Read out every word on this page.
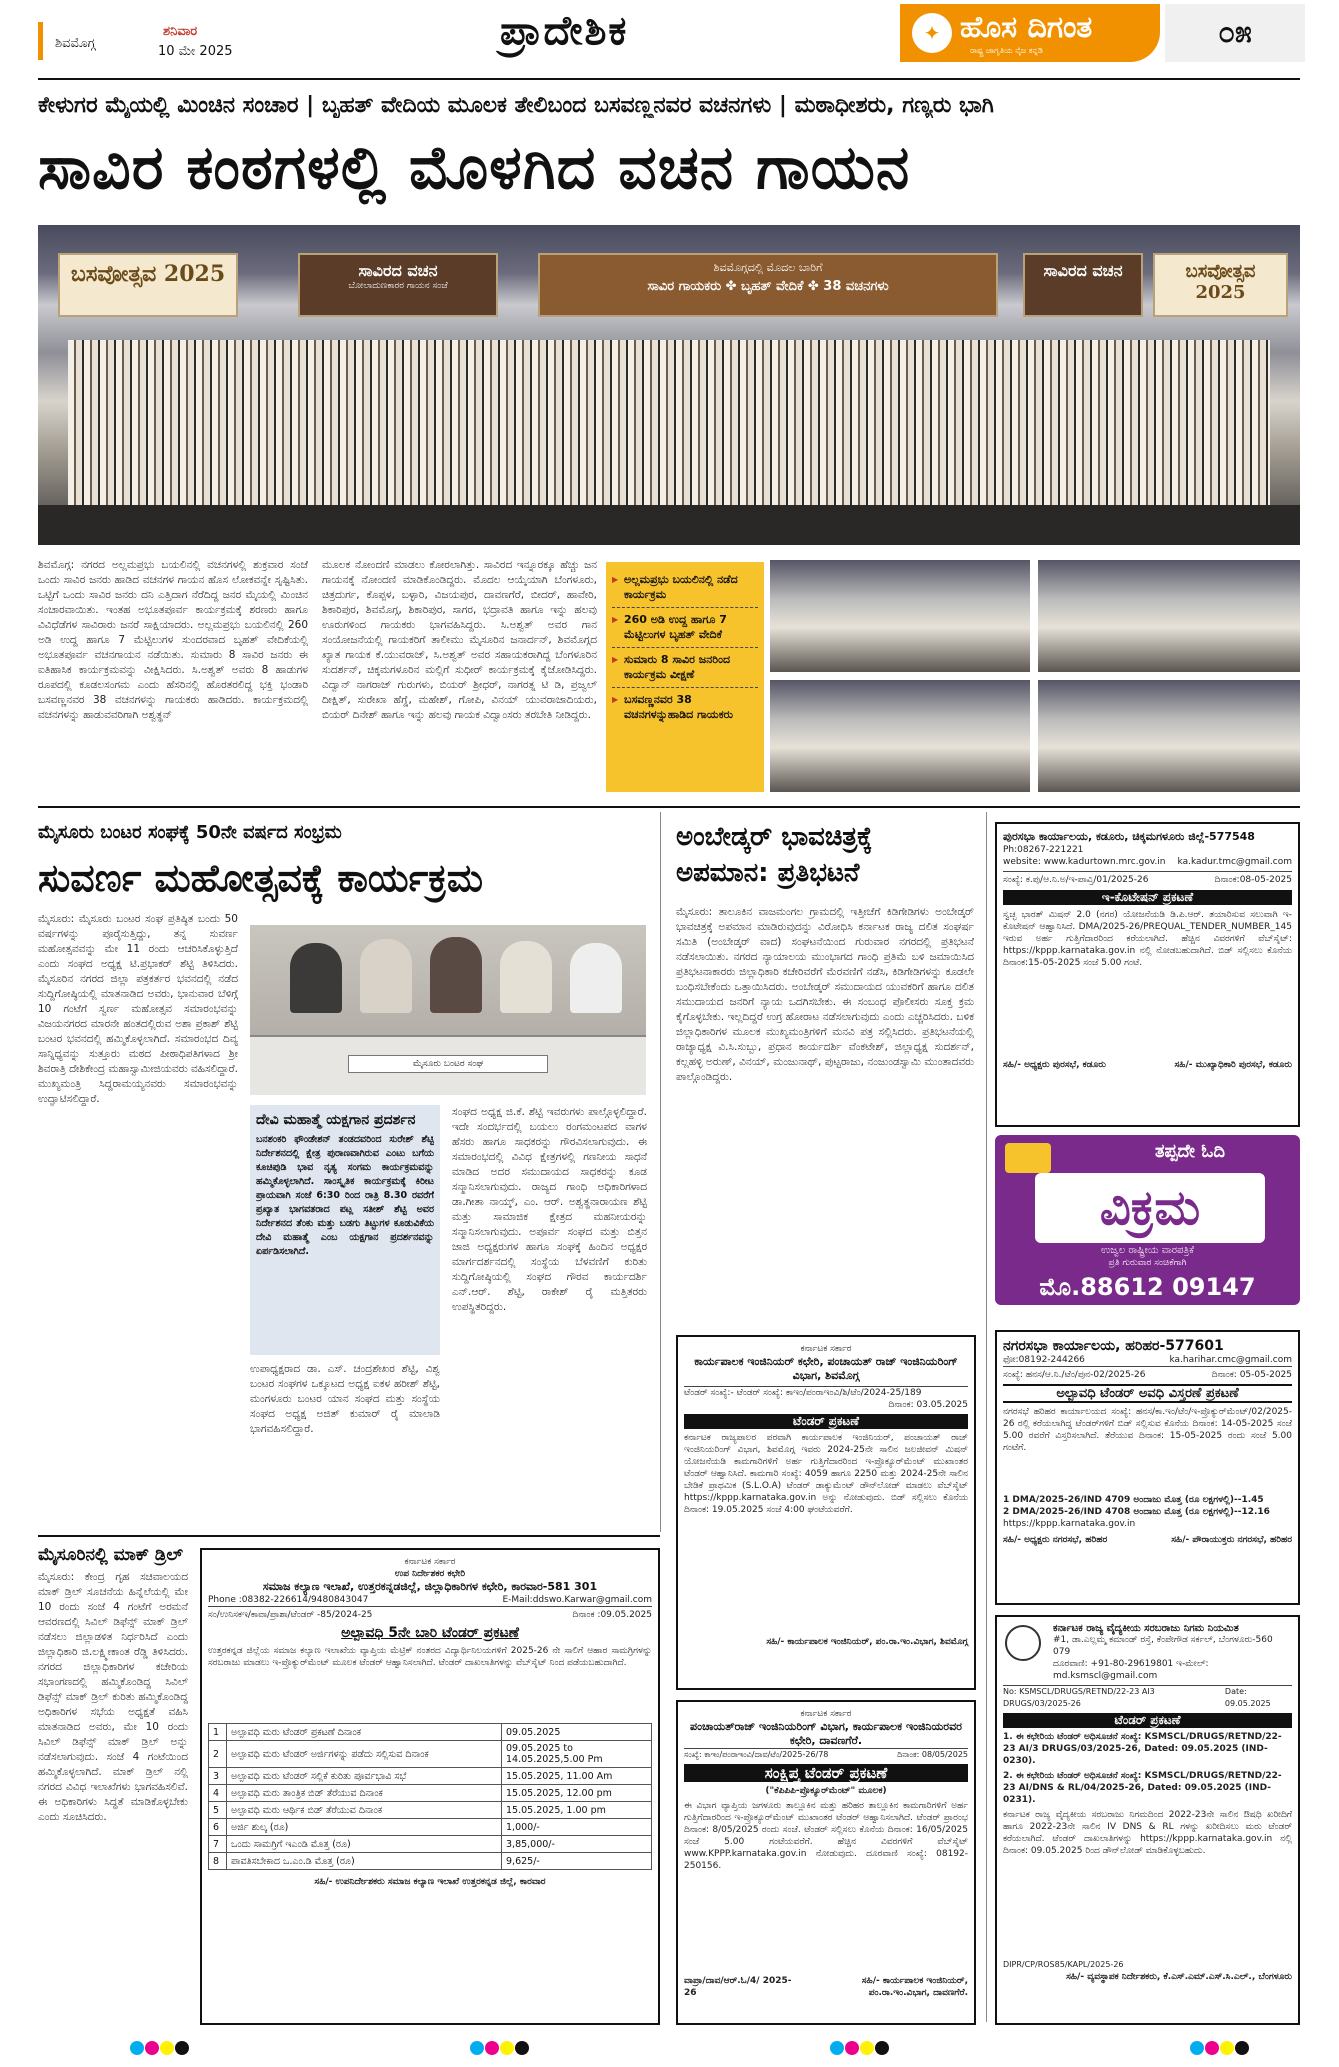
ಶಿವಮೊಗ್ಗ
ಶನಿವಾರ
10 ಮೇ 2025	ಪ್ರಾದೇಶಿಕ	✦ ಹೊಸ ದಿಗಂತ
ರಾಷ್ಟ್ರ ಜಾಗೃತಿಯ ನೈಜ ಕನ್ನಡಿ
೦೫
ಕೇಳುಗರ ಮೈಯಲ್ಲಿ ಮಿಂಚಿನ ಸಂಚಾರ | ಬೃಹತ್ ವೇದಿಯ ಮೂಲಕ ತೇಲಿಬಂದ ಬಸವಣ್ಣನವರ ವಚನಗಳು | ಮಠಾಧೀಶರು, ಗಣ್ಯರು ಭಾಗಿ
ಸಾವಿರ ಕಂಠಗಳಲ್ಲಿ ಮೊಳಗಿದ ವಚನ ಗಾಯನ
ಬಸವೋತ್ಸವ 2025	ಸಾವಿರದ ವಚನ
ಬೋಲಾದುಣಕಾರರ ಗಾಯನ ಸಂಜೆ
ಶಿವಮೊಗ್ಗದಲ್ಲಿ ಮೊದಲ ಬಾರಿಗೆ
ಸಾವಿರ ಗಾಯಕರು ✤ ಬೃಹತ್ ವೇದಿಕೆ ✤ 38 ವಚನಗಳು
ಸಾವಿರದ ವಚನ	ಬಸವೋತ್ಸವ 2025
ಶಿವಮೊಗ್ಗ: ನಗರದ ಅಲ್ಲಮಪ್ರಭು ಬಯಲಿನಲ್ಲಿ ವಚನಗಳಲ್ಲಿ ಶುಕ್ರವಾರ ಸಂಜೆ ಒಂದು ಸಾವಿರ ಜನರು ಹಾಡಿದ ವಚನಗಳ ಗಾಯನ ಹೊಸ ಲೋಕವನ್ನೇ ಸೃಷ್ಟಿಸಿತು. ಒಟ್ಟಿಗೆ ಒಂದು ಸಾವಿರ ಜನರು ದನಿ ಎತ್ತಿದಾಗ ನೆರೆದಿದ್ದ ಜನರ ಮೈಯಲ್ಲಿ ಮಿಂಚಿನ ಸಂಚಾರವಾಯಿತು. ಇಂತಹ ಅಭೂತಪೂರ್ವ ಕಾರ್ಯಕ್ರಮಕ್ಕೆ ಶರಣರು ಹಾಗೂ ವಿವಿಧೆಡೆಗಳ ಸಾವಿರಾರು ಜನರೆ ಸಾಕ್ಷಿಯಾದರು. ಅಲ್ಲಮಪ್ರಭು ಬಯಲಿನಲ್ಲಿ 260 ಅಡಿ ಉದ್ದ ಹಾಗೂ 7 ಮೆಟ್ಟಿಲುಗಳ ಸುಂದರವಾದ ಬೃಹತ್ ವೇದಿಕೆಯಲ್ಲಿ ಅಭೂತಪೂರ್ವ ವಚನಗಾಯನ ನಡೆಯಿತು. ಸುಮಾರು 8 ಸಾವಿರ ಜನರು ಈ ಐತಿಹಾಸಿಕ ಕಾರ್ಯಕ್ರಮವನ್ನು ವೀಕ್ಷಿಸಿದರು. ಸಿ.ಅಶ್ವತ್ ಅವರು 8 ಹಾಡುಗಳ ರೂಪದಲ್ಲಿ ಕೂಡಲಸಂಗಮ ಎಂದು ಹೆಸರಿನಲ್ಲಿ ಹೊರತರಲಿದ್ದ ಭಕ್ತಿ ಭಂಡಾರಿ ಬಸವಣ್ಣನವರ 38 ವಚನಗಳನ್ನು ಗಾಯಕರು ಹಾಡಿದರು. ಕಾರ್ಯಕ್ರಮದಲ್ಲಿ ವಚನಗಳನ್ನು ಹಾಡುವವರಿಗಾಗಿ ಅಶ್ವತ್ಥನ್
ಮೂಲಕ ನೋಂದಣಿ ಮಾಡಲು ಕೋರಲಾಗಿತ್ತು. ಸಾವಿರದ ಇನ್ನೂರಕ್ಕೂ ಹೆಚ್ಚು ಜನ ಗಾಯನಕ್ಕೆ ನೋಂದಣಿ ಮಾಡಿಕೊಂಡಿದ್ದರು. ಮೊದಲ ಆಯ್ಕೆಯಾಗಿ ಬೆಂಗಳೂರು, ಚಿತ್ರದುರ್ಗ, ಕೊಪ್ಪಳ, ಬಳ್ಳಾರಿ, ವಿಜಯಪುರ, ದಾವಣಗೆರೆ, ಬೀದರ್, ಹಾವೇರಿ, ಶಿಕಾರಿಪುರ, ಶಿವಮೊಗ್ಗ, ಶಿಕಾರಿಪುರ, ಸಾಗರ, ಭದ್ರಾವತಿ ಹಾಗೂ ಇನ್ನು ಹಲವು ಊರುಗಳಿಂದ ಗಾಯಕರು ಭಾಗವಹಿಸಿದ್ದರು. ಸಿ.ಅಶ್ವತ್ ಅವರ ಗಾನ ಸಂಯೋಜನೆಯಲ್ಲಿ ಗಾಯಕರಿಗೆ ತಾಲೀಮು ಮೈಸೂರಿನ ಜನಾರ್ದನ್, ಶಿವಮೊಗ್ಗದ ಖ್ಯಾತ ಗಾಯಕ ಕೆ.ಯುವರಾಜ್, ಸಿ.ಅಶ್ವತ್ ಅವರ ಸಹಾಯಕರಾಗಿದ್ದ ಬೆಂಗಳೂರಿನ ಸುದರ್ಶನ್, ಚಿಕ್ಕಮಗಳೂರಿನ ಮಲ್ಲಿಗೆ ಸುಧೀರ್ ಕಾರ್ಯಕ್ರಮಕ್ಕೆ ಕೈಜೋಡಿಸಿದ್ದರು. ವಿದ್ವಾನ್ ನಾಗರಾಜ್ ಗುರುಗಳು, ಬಿಯರ್ ಶ್ರೀಧರ್, ನಾಗರತ್ನ ಟಿ ಡಿ, ಪ್ರಜ್ವಲ್ ದೀಕ್ಷಿತ್, ಸುರೇಖಾ ಹೆಗ್ಡೆ, ಮಹೇಶ್, ಗೋಪಿ, ವಿನಯ್ ಯುವರಾಜಾದಿಯರು, ಬಿಯರ್ ದಿನೇಶ್ ಹಾಗೂ ಇನ್ನು ಹಲವು ಗಾಯಕ ವಿದ್ವಾಂಸರು ತರಬೇತಿ ನೀಡಿದ್ದರು.
▶ ಅಲ್ಲಮಪ್ರಭು ಬಯಲಿನಲ್ಲಿ ನಡೆದ ಕಾರ್ಯಕ್ರಮ
▶ 260 ಅಡಿ ಉದ್ದ ಹಾಗೂ 7 ಮೆಟ್ಟಿಲುಗಳ ಬೃಹತ್ ವೇದಿಕೆ
▶ ಸುಮಾರು 8 ಸಾವಿರ ಜನರಿಂದ ಕಾರ್ಯಕ್ರಮ ವೀಕ್ಷಣೆ
▶ ಬಸವಣ್ಣನವರ 38 ವಚನಗಳನ್ನುಹಾಡಿದ ಗಾಯಕರು
ಮೈಸೂರು ಬಂಟರ ಸಂಘಕ್ಕೆ 50ನೇ ವರ್ಷದ ಸಂಭ್ರಮ
ಸುವರ್ಣ ಮಹೋತ್ಸವಕ್ಕೆ ಕಾರ್ಯಕ್ರಮ
ಮೈಸೂರು: ಮೈಸೂರು ಬಂಟರ ಸಂಘ ಪ್ರತಿಷ್ಠಿತ ಬಂದು 50 ವರ್ಷಗಳನ್ನು ಪೂರೈಸುತ್ತಿದ್ದು, ತನ್ನ ಸುವರ್ಣ ಮಹೋತ್ಸವವನ್ನು ಮೇ 11 ರಂದು ಆಚರಿಸಿಕೊಳ್ಳುತ್ತಿದೆ ಎಂದು ಸಂಘದ ಅಧ್ಯಕ್ಷ ಟಿ.ಪ್ರಭಾಕರ್ ಶೆಟ್ಟಿ ತಿಳಿಸಿದರು. ಮೈಸೂರಿನ ನಗರದ ಜಿಲ್ಲಾ ಪತ್ರಕರ್ತರ ಭವನದಲ್ಲಿ ನಡೆದ ಸುದ್ದಿಗೋಷ್ಠಿಯಲ್ಲಿ ಮಾತನಾಡಿದ ಅವರು, ಭಾನುವಾರ ಬೆಳಿಗ್ಗೆ 10 ಗಂಟೆಗೆ ಸ್ವರ್ಣ ಮಹೋತ್ಸವ ಸಮಾರಂಭವನ್ನು ವಿಜಯನಗರದ ಮಾರನೇ ಹಂತದಲ್ಲಿರುವ ಅಶಾ ಪ್ರಕಾಶ್ ಶೆಟ್ಟಿ ಬಂಟರ ಭವನದಲ್ಲಿ ಹಮ್ಮಿಕೊಳ್ಳಲಾಗಿದೆ. ಸಮಾರಂಭದ ದಿವ್ಯ ಸಾನ್ನಿಧ್ಯವನ್ನು ಸುತ್ತೂರು ಮಠದ ಪೀಠಾಧಿಪತಿಗಳಾದ ಶ್ರೀ ಶಿವರಾತ್ರಿ ದೇಶಿಕೇಂದ್ರ ಮಹಾಸ್ವಾಮೀಜಿಯವರು ವಹಿಸಲಿದ್ದಾರೆ. ಮುಖ್ಯಮಂತ್ರಿ ಸಿದ್ದರಾಮಯ್ಯನವರು ಸಮಾರಂಭವನ್ನು ಉದ್ಘಾಟಿಸಲಿದ್ದಾರೆ.
ಮೈಸೂರು ಬಂಟರ ಸಂಘ
ದೇವಿ ಮಹಾತ್ಮೆ ಯಕ್ಷಗಾನ ಪ್ರದರ್ಶನ
ಬನಶಂಕರಿ ಫೌಂಡೇಶನ್ ತಂಡದವರಿಂದ ಸುರೇಶ್ ಶೆಟ್ಟಿ ನಿರ್ದೇಶನದಲ್ಲಿ ಕ್ಷೇತ್ರ ಪುರಾಣವಾಗಿರುವ ಎಂಟು ಬಗೆಯ ಕೂಚಿಪುಡಿ ಭಾವ ನೃತ್ಯ ಸಂಗಮ ಕಾರ್ಯಕ್ರಮವನ್ನು ಹಮ್ಮಿಕೊಳ್ಳಲಾಗಿದೆ. ಸಾಂಸ್ಕೃತಿಕ ಕಾರ್ಯಕ್ರಮಕ್ಕೆ ಕಿರೀಟ ಪ್ರಾಯವಾಗಿ ಸಂಜೆ 6:30 ರಿಂದ ರಾತ್ರಿ 8.30 ರವರೆಗೆ ಪ್ರಖ್ಯಾತ ಭಾಗವತರಾದ ಪಟ್ಲ ಸತೀಶ್ ಶೆಟ್ಟಿ ಅವರ ನಿರ್ದೇಶನದ ತೆಂಕು ಮತ್ತು ಬಡಗು ತಿಟ್ಟುಗಳ ಕೂಡುವಿಕೆಯ ದೇವಿ ಮಹಾತ್ಮೆ ಎಂಬ ಯಕ್ಷಗಾನ ಪ್ರದರ್ಶನವನ್ನು ಏರ್ಪಡಿಸಲಾಗಿದೆ.
ಉಪಾಧ್ಯಕ್ಷರಾದ ಡಾ. ಎಸ್. ಚಂದ್ರಶೇಖರ ಶೆಟ್ಟಿ, ವಿಶ್ವ ಬಂಟರ ಸಂಘಗಳ ಒಕ್ಕೂಟದ ಅಧ್ಯಕ್ಷ ಐಕಳ ಹರೀಶ್ ಶೆಟ್ಟಿ, ಮಂಗಳೂರು ಬಂಟರ ಯಾನ ಸಂಘದ ಮತ್ತು ಸಂಸ್ಥೆಯ ಸಂಘದ ಅಧ್ಯಕ್ಷ ಅಜಿತ್ ಕುಮಾರ್ ರೈ ಮಾಲಾಡಿ ಭಾಗವಹಿಸಲಿದ್ದಾರೆ.
ಸಂಘದ ಅಧ್ಯಕ್ಷ ಜಿ.ಕೆ. ಶೆಟ್ಟಿ ಇವರುಗಳು ಪಾಲ್ಗೊಳ್ಳಲಿದ್ದಾರೆ. ಇದೇ ಸಂದರ್ಭದಲ್ಲಿ ಬಯಲು ರಂಗಮಂಟಪದ ವಾಗಳ ಹೆಸರು ಹಾಗೂ ಸಾಧಕರನ್ನು ಗೌರವಿಸಲಾಗುವುದು. ಈ ಸಮಾರಂಭದಲ್ಲಿ ವಿವಿಧ ಕ್ಷೇತ್ರಗಳಲ್ಲಿ ಗಣನೀಯ ಸಾಧನೆ ಮಾಡಿದ ಅದರ ಸಮುದಾಯದ ಸಾಧಕರನ್ನು ಕೂಡ ಸನ್ಮಾನಿಸಲಾಗುವುದು. ರಾಜ್ಯದ ಗಾಂಧಿ ಅಧಿಕಾರಿಗಳಾದ ಡಾ.ಗೀತಾ ನಾಯ್ಕ್, ಎಂ. ಆರ್. ಅಶ್ವತ್ಥನಾರಾಯಣ ಶೆಟ್ಟಿ ಮತ್ತು ಸಾಮಾಜಿಕ ಕ್ಷೇತ್ರದ ಮಹನೀಯರನ್ನು ಸನ್ಮಾನಿಸಲಾಗುವುದು. ಅಪೂರ್ವ ಸಂಘದ ಮತ್ತು ಬಿತ್ತನ ಜಾಜಿ ಅಧ್ಯಕ್ಷರುಗಳ ಹಾಗೂ ಸಂಘಕ್ಕೆ ಹಿಂದಿನ ಅಧ್ಯಕ್ಷರ ಮಾರ್ಗದರ್ಶನದಲ್ಲಿ ಸಂಸ್ಥೆಯ ಬೆಳವಣಿಗೆ ಕುರಿತು ಸುದ್ದಿಗೋಷ್ಠಿಯಲ್ಲಿ ಸಂಘದ ಗೌರವ ಕಾರ್ಯದರ್ಶಿ ಎನ್.ಆರ್. ಶೆಟ್ಟಿ, ರಾಕೇಶ್ ರೈ ಮತ್ತಿತರರು ಉಪಸ್ಥಿತರಿದ್ದರು.
ಅಂಬೇಡ್ಕರ್ ಭಾವಚಿತ್ರಕ್ಕೆ
ಅಪಮಾನ: ಪ್ರತಿಭಟನೆ
ಮೈಸೂರು: ತಾಲೂಕಿನ ವಾಜಮಂಗಲ ಗ್ರಾಮದಲ್ಲಿ ಇತ್ತೀಚೆಗೆ ಕಿಡಿಗೇಡಿಗಳು ಅಂಬೇಡ್ಕರ್ ಭಾವಚಿತ್ರಕ್ಕೆ ಅಪಮಾನ ಮಾಡಿರುವುದನ್ನು ವಿರೋಧಿಸಿ ಕರ್ನಾಟಕ ರಾಜ್ಯ ದಲಿತ ಸಂಘರ್ಷ ಸಮಿತಿ (ಅಂಬೇಡ್ಕರ್ ವಾದ) ಸಂಘಟನೆಯಿಂದ ಗುರುವಾರ ನಗರದಲ್ಲಿ ಪ್ರತಿಭಟನೆ ನಡೆಸಲಾಯಿತು. ನಗರದ ನ್ಯಾಯಾಲಯ ಮುಂಭಾಗದ ಗಾಂಧಿ ಪ್ರತಿಮೆ ಬಳಿ ಜಮಾಯಿಸಿದ ಪ್ರತಿಭಟನಾಕಾರರು ಜಿಲ್ಲಾಧಿಕಾರಿ ಕಚೇರಿವರೆಗೆ ಮೆರವಣಿಗೆ ನಡೆಸಿ, ಕಿಡಿಗೇಡಿಗಳನ್ನು ಕೂಡಲೇ ಬಂಧಿಸಬೇಕೆಂದು ಒತ್ತಾಯಿಸಿದರು. ಅಂಬೇಡ್ಕರ್ ಸಮುದಾಯದ ಯುವಕರಿಗೆ ಹಾಗೂ ದಲಿತ ಸಮುದಾಯದ ಜನರಿಗೆ ನ್ಯಾಯ ಒದಗಿಸಬೇಕು. ಈ ಸಂಬಂಧ ಪೊಲೀಸರು ಸೂಕ್ತ ಕ್ರಮ ಕೈಗೊಳ್ಳಬೇಕು. ಇಲ್ಲದಿದ್ದರೆ ಉಗ್ರ ಹೋರಾಟ ನಡೆಸಲಾಗುವುದು ಎಂದು ಎಚ್ಚರಿಸಿದರು. ಬಳಿಕ ಜಿಲ್ಲಾಧಿಕಾರಿಗಳ ಮೂಲಕ ಮುಖ್ಯಮಂತ್ರಿಗಳಿಗೆ ಮನವಿ ಪತ್ರ ಸಲ್ಲಿಸಿದರು. ಪ್ರತಿಭಟನೆಯಲ್ಲಿ ರಾಜ್ಯಾಧ್ಯಕ್ಷ ವಿ.ಸಿ.ಸುಬ್ಬು, ಪ್ರಧಾನ ಕಾರ್ಯದರ್ಶಿ ವೆಂಕಟೇಶ್, ಜಿಲ್ಲಾಧ್ಯಕ್ಷ ಸುದರ್ಶನ್, ಕಲ್ಲಹಳ್ಳಿ ಅರುಣ್, ವಿನಯ್, ಮಂಜುನಾಥ್, ಪುಟ್ಟರಾಜು, ನಂಜುಂಡಸ್ವಾಮಿ ಮುಂತಾದವರು ಪಾಲ್ಗೊಂಡಿದ್ದರು.
ಪುರಸಭಾ ಕಾರ್ಯಾಲಯ, ಕಡೂರು, ಚಿಕ್ಕಮಗಳೂರು ಜಿಲ್ಲೆ-577548
Ph:08267-221221
website: www.kadurtown.mrc.gov.in ka.kadur.tmc@gmail.com
ಸಂಖ್ಯೆ: ಕ.ಪು/ಆ.ನಿ.ಅ/ಇ-ಪಾವ್ತಿ/01/2025-26	ದಿನಾಂಕ:08-05-2025
ಇ-ಕೊಟೇಷನ್ ಪ್ರಕಟಣೆ
ಸ್ವಚ್ಛ ಭಾರತ್ ಮಿಷನ್ 2.0 (ನಗರ) ಯೋಜನೆಯಡಿ ಡಿ.ಪಿ.ಆರ್. ತಯಾರಿಸುವ ಸಲುವಾಗಿ ಇ-ಕೊಟೇಷನ್ ಆಹ್ವಾನಿಸಿದೆ. DMA/2025-26/PREQUAL_TENDER_NUMBER_145 ಇರುವ ಅರ್ಹ ಗುತ್ತಿಗೆದಾರರಿಂದ ಕರೆಯಲಾಗಿದೆ. ಹೆಚ್ಚಿನ ವಿವರಗಳಿಗೆ ವೆಬ್‌ಸೈಟ್: https://kppp.karnataka.gov.in ನಲ್ಲಿ ನೋಡಬಹುದಾಗಿದೆ. ಬಿಡ್ ಸಲ್ಲಿಸಲು ಕೊನೆಯ ದಿನಾಂಕ:15-05-2025 ಸಂಜೆ 5.00 ಗಂಟೆ.
ಸಹಿ/- ಅಧ್ಯಕ್ಷರು ಪುರಸಭೆ, ಕಡೂರು	ಸಹಿ/- ಮುಖ್ಯಾಧಿಕಾರಿ ಪುರಸಭೆ, ಕಡೂರು
ತಪ್ಪದೇ ಓದಿ
ವಿಕ್ರಮ
ಉಜ್ವಲ ರಾಷ್ಟ್ರೀಯ ವಾರಪತ್ರಿಕೆ
ಪ್ರತಿ ಗುರುವಾರ ಸಂಚಿಕೆಗಾಗಿ
ಮೊ.88612 09147
ನಗರಸಭಾ ಕಾರ್ಯಾಲಯ, ಹರಿಹರ-577601
ಫೋ:08192-244266	ka.harihar.cmc@gmail.com
ಸಂಖ್ಯೆ: ಹನಸ/ಆ.ನಿ./ಟೆಂ/ಪುನ-02/2025-26	ದಿನಾಂಕ: 05-05-2025
ಅಲ್ಪಾವಧಿ ಟೆಂಡರ್ ಅವಧಿ ವಿಸ್ತರಣೆ ಪ್ರಕಟಣೆ
ನಗರಸಭೆ ಹರಿಹರ ಕಾರ್ಯಾಲಯದ ಸಂಖ್ಯೆ: ಹನಸ/ಕಾ.ಇಂ/ಟೆಂ/ಇ-ಪ್ರೊಕ್ಯುರ್‌ಮೆಂಟ್/02/2025-26 ರಲ್ಲಿ ಕರೆಯಲಾಗಿದ್ದ ಟೆಂಡರ್‌ಗಳಿಗೆ ಬಿಡ್ ಸಲ್ಲಿಸುವ ಕೊನೆಯ ದಿನಾಂಕ: 14-05-2025 ಸಂಜೆ 5.00 ರವರೆಗೆ ವಿಸ್ತರಿಸಲಾಗಿದೆ. ತೆರೆಯುವ ದಿನಾಂಕ: 15-05-2025 ರಂದು ಸಂಜೆ 5.00 ಗಂಟೆಗೆ.
1 DMA/2025-26/IND 4709 ಅಂದಾಜು ಮೊತ್ತ (ರೂ ಲಕ್ಷಗಳಲ್ಲಿ)--1.45
2 DMA/2025-26/IND 4708 ಅಂದಾಜು ಮೊತ್ತ (ರೂ ಲಕ್ಷಗಳಲ್ಲಿ)--12.16
https://kppp.karnataka.gov.in
ಸಹಿ/- ಅಧ್ಯಕ್ಷರು ನಗರಸಭೆ, ಹರಿಹರ	ಸಹಿ/- ಪೌರಾಯುಕ್ತರು ನಗರಸಭೆ, ಹರಿಹರ
ಕರ್ನಾಟಕ ರಾಜ್ಯ ವೈದ್ಯಕೀಯ ಸರಬರಾಜು ನಿಗಮ ನಿಯಮಿತ
#1, ಡಾ.ಎಲ್ಲಮ್ಮ ಕಮಾಂಡ್ ರಸ್ತೆ, ಕೆಂಪೇಗೌಡ ಸರ್ಕಲ್, ಬೆಂಗಳೂರು-560 079
ದೂರವಾಣಿ: +91-80-29619801 ಇ-ಮೇಲ್: md.ksmscl@gmail.com
No: KSMSCL/DRUGS/RETND/22-23 AI3 DRUGS/03/2025-26
Date: 09.05.2025
ಟೆಂಡರ್ ಪ್ರಕಟಣೆ
1. ಈ ಕಛೇರಿಯ ಟೆಂಡರ್ ಅಧಿಸೂಚನೆ ಸಂಖ್ಯೆ: KSMSCL/DRUGS/RETND/22-23 AI/3 DRUGS/03/2025-26, Dated: 09.05.2025 (IND-0230).
2. ಈ ಕಛೇರಿಯ ಟೆಂಡರ್ ಅಧಿಸೂಚನೆ ಸಂಖ್ಯೆ: KSMSCL/DRUGS/RETND/22-23 AI/DNS & RL/04/2025-26, Dated: 09.05.2025 (IND-0231).
ಕರ್ನಾಟಕ ರಾಜ್ಯ ವೈದ್ಯಕೀಯ ಸರಬರಾಜು ನಿಗಮದಿಂದ 2022-23ನೇ ಸಾಲಿನ ಔಷಧಿ ಖರೀದಿಗೆ ಹಾಗೂ 2022-23ನೇ ಸಾಲಿನ IV DNS & RL ಗಳನ್ನು ಖರೀದಿಸಲು ಮರು ಟೆಂಡರ್ ಕರೆಯಲಾಗಿದೆ. ಟೆಂಡರ್ ದಾಖಲಾತಿಗಳನ್ನು https://kppp.karnataka.gov.in ನಲ್ಲಿ ದಿನಾಂಕ: 09.05.2025 ರಿಂದ ಡೌನ್‌ಲೋಡ್ ಮಾಡಿಕೊಳ್ಳಬಹುದು.
DIPR/CP/ROS85/KAPL/2025-26
ಸಹಿ/- ವ್ಯವಸ್ಥಾಪಕ ನಿರ್ದೇಶಕರು, ಕೆ.ಎಸ್.ಎಮ್.ಎಸ್.ಸಿ.ಎಲ್., ಬೆಂಗಳೂರು
ಕರ್ನಾಟಕ ಸರ್ಕಾರ
ಕಾರ್ಯಪಾಲಕ ಇಂಜಿನಿಯರ್ ಕಛೇರಿ, ಪಂಚಾಯತ್ ರಾಜ್ ಇಂಜಿನಿಯರಿಂಗ್ ವಿಭಾಗ, ಶಿವಮೊಗ್ಗ
ಟೆಂಡರ್ ಸಂಖ್ಯೆ:- ಟೆಂಡರ್ ಸಂಖ್ಯೆ: ಕಾಇಂ/ಪಂರಾಇಂವಿ/ಶಿ/ಟೆಂ/2024-25/189
ದಿನಾಂಕ: 03.05.2025
ಟೆಂಡರ್ ಪ್ರಕಟಣೆ
ಕರ್ನಾಟಕ ರಾಜ್ಯಪಾಲರ ಪರವಾಗಿ ಕಾರ್ಯಪಾಲಕ ಇಂಜಿನಿಯರ್, ಪಂಚಾಯತ್ ರಾಜ್ ಇಂಜಿನಿಯರಿಂಗ್ ವಿಭಾಗ, ಶಿವಮೊಗ್ಗ ಇವರು 2024-25ನೇ ಸಾಲಿನ ಜಲಜೀವನ್ ಮಿಷನ್ ಯೋಜನೆಯಡಿ ಕಾಮಗಾರಿಗಳಿಗೆ ಅರ್ಹ ಗುತ್ತಿಗೆದಾರರಿಂದ ಇ-ಪ್ರೊಕ್ಯೂರ್‌ಮೆಂಟ್ ಮುಖಾಂತರ ಟೆಂಡರ್ ಆಹ್ವಾನಿಸಿದೆ. ಕಾಮಗಾರಿ ಸಂಖ್ಯೆ: 4059 ಹಾಗೂ 2250 ಮತ್ತು 2024-25ನೇ ಸಾಲಿನ ಬೇಡಿಕೆ ಪ್ರಾಥಮಿಕ (S.L.O.A) ಟೆಂಡರ್ ಡಾಕ್ಯುಮೆಂಟ್ ಡೌನ್‌ಲೋಡ್ ಮಾಡಲು ವೆಬ್‌ಸೈಟ್ https://kppp.karnataka.gov.in ಅನ್ನು ನೋಡುವುದು. ಬಿಡ್ ಸಲ್ಲಿಸಲು ಕೊನೆಯ ದಿನಾಂಕ: 19.05.2025 ಸಂಜೆ 4:00 ಘಂಟೆಯವರೆಗೆ.
ಸಹಿ/- ಕಾರ್ಯಪಾಲಕ ಇಂಜಿನಿಯರ್, ಪಂ.ರಾ.ಇಂ.ವಿಭಾಗ, ಶಿವಮೊಗ್ಗ
ಕರ್ನಾಟಕ ಸರ್ಕಾರ
ಪಂಚಾಯತ್‌ರಾಜ್ ಇಂಜಿನಿಯರಿಂಗ್ ವಿಭಾಗ, ಕಾರ್ಯಪಾಲಕ ಇಂಜಿನಿಯರವರ ಕಛೇರಿ, ದಾವಣಗೆರೆ.
ಸಂಖ್ಯೆ: ಕಾಇಂ/ಪಂರಾಇಂವಿ/ದಾವ/ಟೆಂ/2025-26/78	ದಿನಾಂಕ: 08/05/2025
ಸಂಕ್ಷಿಪ್ತ ಟೆಂಡರ್ ಪ್ರಕಟಣೆ
("ಕೆಪಿಪಿಪಿ-ಪ್ರೊಕ್ಯೂರ್‌ಮೆಂಟ್" ಮೂಲಕ)
ಈ ವಿಭಾಗ ವ್ಯಾಪ್ತಿಯ ಜಗಳೂರು ತಾಲ್ಲೂಕಿನ ಮತ್ತು ಹರಿಹರ ತಾಲ್ಲೂಕಿನ ಕಾಮಗಾರಿಗಳಿಗೆ ಅರ್ಹ ಗುತ್ತಿಗೆದಾರರಿಂದ ಇ-ಪ್ರೊಕ್ಯೂರ್‌ಮೆಂಟ್ ಮುಖಾಂತರ ಟೆಂಡರ್ ಆಹ್ವಾನಿಸಲಾಗಿದೆ. ಟೆಂಡರ್ ಪ್ರಾರಂಭ ದಿನಾಂಕ: 8/05/2025 ರಂದು ಸಂಜೆ. ಟೆಂಡರ್ ಸಲ್ಲಿಸಲು ಕೊನೆಯ ದಿನಾಂಕ: 16/05/2025 ಸಂಜೆ 5.00 ಗಂಟೆಯವರೆಗೆ. ಹೆಚ್ಚಿನ ವಿವರಗಳಿಗೆ ವೆಬ್‌ಸೈಟ್ www.KPPP.karnataka.gov.in ನೋಡುವುದು. ದೂರವಾಣಿ ಸಂಖ್ಯೆ: 08192-250156.
ವಾಪ್ರಾ/ದಾವ/ಆರ್.ಓ/4/ 2025-26
ಸಹಿ/- ಕಾರ್ಯಪಾಲಕ ಇಂಜಿನಿಯರ್, ಪಂ.ರಾ.ಇಂ.ವಿಭಾಗ, ದಾವಣಗೆರೆ.
ಮೈಸೂರಿನಲ್ಲಿ ಮಾಕ್ ಡ್ರಿಲ್
ಮೈಸೂರು: ಕೇಂದ್ರ ಗೃಹ ಸಚಿವಾಲಯದ ಮಾಕ್ ಡ್ರಿಲ್ ಸೂಚನೆಯ ಹಿನ್ನೆಲೆಯಲ್ಲಿ ಮೇ 10 ರಂದು ಸಂಜೆ 4 ಗಂಟೆಗೆ ಅರಮನೆ ಆವರಣದಲ್ಲಿ ಸಿವಿಲ್ ಡಿಫೆನ್ಸ್ ಮಾಕ್ ಡ್ರಿಲ್ ನಡೆಸಲು ಜಿಲ್ಲಾಡಳಿತ ನಿರ್ಧರಿಸಿದೆ ಎಂದು ಜಿಲ್ಲಾಧಿಕಾರಿ ಜಿ.ಲಕ್ಷ್ಮೀಕಾಂತ ರೆಡ್ಡಿ ತಿಳಿಸಿದರು. ನಗರದ ಜಿಲ್ಲಾಧಿಕಾರಿಗಳ ಕಚೇರಿಯ ಸಭಾಂಗಣದಲ್ಲಿ ಹಮ್ಮಿಕೊಂಡಿದ್ದ ಸಿವಿಲ್ ಡಿಫೆನ್ಸ್ ಮಾಕ್ ಡ್ರಿಲ್ ಕುರಿತು ಹಮ್ಮಿಕೊಂಡಿದ್ದ ಅಧಿಕಾರಿಗಳ ಸಭೆಯ ಅಧ್ಯಕ್ಷತೆ ವಹಿಸಿ ಮಾತನಾಡಿದ ಅವರು, ಮೇ 10 ರಂದು ಸಿವಿಲ್ ಡಿಫೆನ್ಸ್ ಮಾಕ್ ಡ್ರಿಲ್ ಅನ್ನು ನಡೆಸಲಾಗುವುದು. ಸಂಜೆ 4 ಗಂಟೆಯಿಂದ ಹಮ್ಮಿಕೊಳ್ಳಲಾಗಿದೆ. ಮಾಕ್ ಡ್ರಿಲ್ ನಲ್ಲಿ ನಗರದ ವಿವಿಧ ಇಲಾಖೆಗಳು ಭಾಗವಹಿಸಲಿವೆ. ಈ ಅಧಿಕಾರಿಗಳು ಸಿದ್ಧತೆ ಮಾಡಿಕೊಳ್ಳಬೇಕು ಎಂದು ಸೂಚಿಸಿದರು.
ಕರ್ನಾಟಕ ಸರ್ಕಾರ
ಉಪ ನಿರ್ದೇಶಕರ ಕಛೇರಿ
ಸಮಾಜ ಕಲ್ಯಾಣ ಇಲಾಖೆ, ಉತ್ತರಕನ್ನಡಜಿಲ್ಲೆ, ಜಿಲ್ಲಾಧಿಕಾರಿಗಳ ಕಛೇರಿ, ಕಾರವಾರ-581 301
Phone :08382-226614/9480843047	E-Mail:ddswo.Karwar@gmail.com
ಸಂ/ಉನಿಸಕಇ/ಕಾವಾ/ಪ್ರಾಶಾ/ಟೆಂಡರ್ -85/2024-25	ದಿನಾಂಕ :09.05.2025
ಅಲ್ಪಾವಧಿ 5ನೇ ಬಾರಿ ಟೆಂಡರ್ ಪ್ರಕಟಣೆ
ಉತ್ತರಕನ್ನಡ ಜಿಲ್ಲೆಯ ಸಮಾಜ ಕಲ್ಯಾಣ ಇಲಾಖೆಯ ವ್ಯಾಪ್ತಿಯ ಮೆಟ್ರಿಕ್ ನಂತರದ ವಿದ್ಯಾರ್ಥಿನಿಲಯಗಳಿಗೆ 2025-26 ನೇ ಸಾಲಿಗೆ ಆಹಾರ ಸಾಮಗ್ರಿಗಳನ್ನು ಸರಬರಾಜು ಮಾಡಲು ಇ-ಪ್ರೊಕ್ಯುರ್‌ಮೆಂಟ್ ಮೂಲಕ ಟೆಂಡರ್ ಆಹ್ವಾನಿಸಲಾಗಿದೆ. ಟೆಂಡರ್ ದಾಖಲಾತಿಗಳನ್ನು ವೆಬ್‌ಸೈಟ್ ನಿಂದ ಪಡೆಯಬಹುದಾಗಿದೆ.
1	ಅಲ್ಪಾವಧಿ ಮರು ಟೆಂಡರ್ ಪ್ರಕಟಣೆ ದಿನಾಂಕ	09.05.2025
2	ಅಲ್ಪಾವಧಿ ಮರು ಟೆಂಡರ್ ಅರ್ಜಿಗಳನ್ನು ಪಡೆದು ಸಲ್ಲಿಸುವ ದಿನಾಂಕ	09.05.2025 to 14.05.2025,5.00 Pm
3	ಅಲ್ಪಾವಧಿ ಮರು ಟೆಂಡರ್ ಸಲ್ಲಿಕೆ ಕುರಿತು ಪೂರ್ವಭಾವಿ ಸಭೆ	15.05.2025, 11.00 Am
4	ಅಲ್ಪಾವಧಿ ಮರು ತಾಂತ್ರಿಕ ಬಿಡ್ ತೆರೆಯುವ ದಿನಾಂಕ	15.05.2025, 12.00 pm
5	ಅಲ್ಪಾವಧಿ ಮರು ಆರ್ಥಿಕ ಬಿಡ್ ತೆರೆಯುವ ದಿನಾಂಕ	15.05.2025, 1.00 pm
6	ಅರ್ಜಿ ಶುಲ್ಕ (ರೂ)	1,000/-
7	ಒಂದು ಸಾಮಗ್ರಿಗೆ ಇಎಂಡಿ ಮೊತ್ತ (ರೂ)	3,85,000/-
8	ಪಾವತಿಸಬೇಕಾದ ಒ.ಎಂ.ಡಿ ಮೊತ್ತ (ರೂ)	9,625/-
ಸಹಿ/- ಉಪನಿರ್ದೇಶಕರು ಸಮಾಜ ಕಲ್ಯಾಣ ಇಲಾಖೆ ಉತ್ತರಕನ್ನಡ ಜಿಲ್ಲೆ, ಕಾರವಾರ
